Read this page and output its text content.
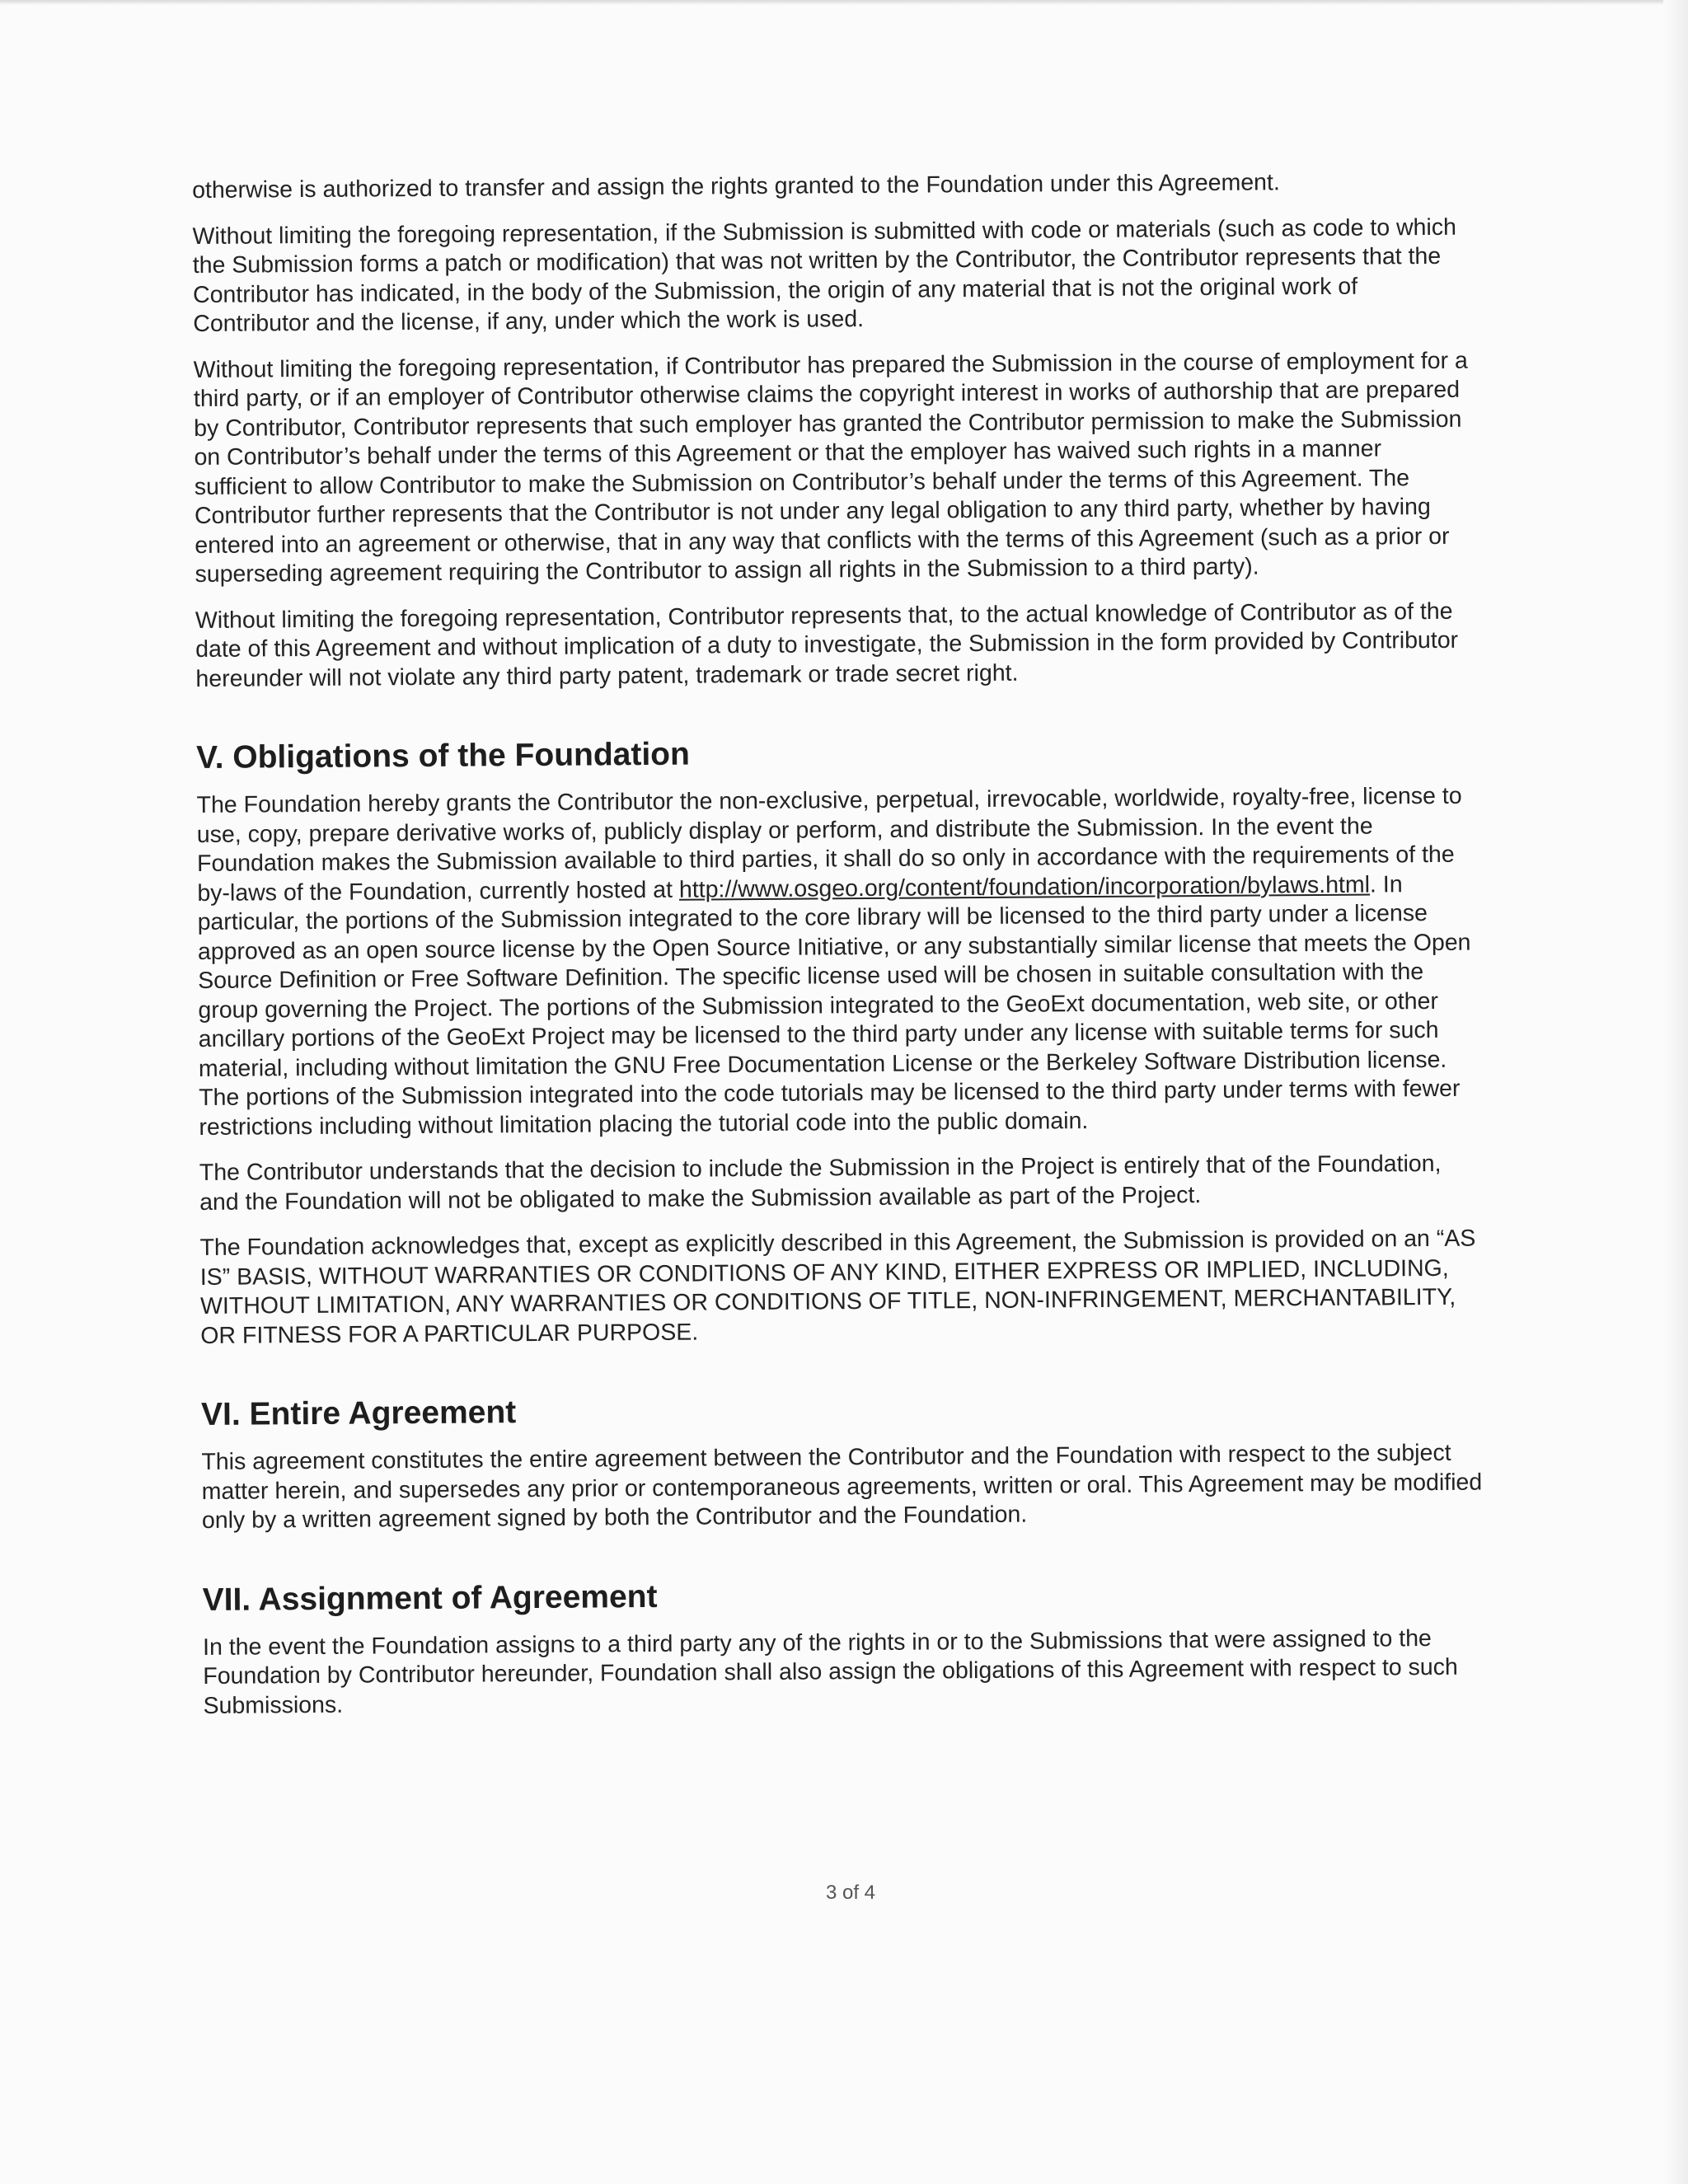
otherwise is authorized to transfer and assign the rights granted to the Foundation under this Agreement.

Without limiting the foregoing representation, if the Submission is submitted with code or materials (such as code to which the Submission forms a patch or modification) that was not written by the Contributor, the Contributor represents that the Contributor has indicated, in the body of the Submission, the origin of any material that is not the original work of Contributor and the license, if any, under which the work is used.

Without limiting the foregoing representation, if Contributor has prepared the Submission in the course of employment for a third party, or if an employer of Contributor otherwise claims the copyright interest in works of authorship that are prepared by Contributor, Contributor represents that such employer has granted the Contributor permission to make the Submission on Contributor’s behalf under the terms of this Agreement or that the employer has waived such rights in a manner sufficient to allow Contributor to make the Submission on Contributor’s behalf under the terms of this Agreement. The Contributor further represents that the Contributor is not under any legal obligation to any third party, whether by having entered into an agreement or otherwise, that in any way that conflicts with the terms of this Agreement (such as a prior or superseding agreement requiring the Contributor to assign all rights in the Submission to a third party).

Without limiting the foregoing representation, Contributor represents that, to the actual knowledge of Contributor as of the date of this Agreement and without implication of a duty to investigate, the Submission in the form provided by Contributor hereunder will not violate any third party patent, trademark or trade secret right.

V. Obligations of the Foundation

The Foundation hereby grants the Contributor the non-exclusive, perpetual, irrevocable, worldwide, royalty-free, license to use, copy, prepare derivative works of, publicly display or perform, and distribute the Submission. In the event the Foundation makes the Submission available to third parties, it shall do so only in accordance with the requirements of the by-laws of the Foundation, currently hosted at http://www.osgeo.org/content/foundation/incorporation/bylaws.html. In particular, the portions of the Submission integrated to the core library will be licensed to the third party under a license approved as an open source license by the Open Source Initiative, or any substantially similar license that meets the Open Source Definition or Free Software Definition. The specific license used will be chosen in suitable consultation with the group governing the Project. The portions of the Submission integrated to the GeoExt documentation, web site, or other ancillary portions of the GeoExt Project may be licensed to the third party under any license with suitable terms for such material, including without limitation the GNU Free Documentation License or the Berkeley Software Distribution license. The portions of the Submission integrated into the code tutorials may be licensed to the third party under terms with fewer restrictions including without limitation placing the tutorial code into the public domain.

The Contributor understands that the decision to include the Submission in the Project is entirely that of the Foundation, and the Foundation will not be obligated to make the Submission available as part of the Project.

The Foundation acknowledges that, except as explicitly described in this Agreement, the Submission is provided on an “AS IS” BASIS, WITHOUT WARRANTIES OR CONDITIONS OF ANY KIND, EITHER EXPRESS OR IMPLIED, INCLUDING, WITHOUT LIMITATION, ANY WARRANTIES OR CONDITIONS OF TITLE, NON-INFRINGEMENT, MERCHANTABILITY, OR FITNESS FOR A PARTICULAR PURPOSE.

VI. Entire Agreement

This agreement constitutes the entire agreement between the Contributor and the Foundation with respect to the subject matter herein, and supersedes any prior or contemporaneous agreements, written or oral. This Agreement may be modified only by a written agreement signed by both the Contributor and the Foundation.

VII. Assignment of Agreement

In the event the Foundation assigns to a third party any of the rights in or to the Submissions that were assigned to the Foundation by Contributor hereunder, Foundation shall also assign the obligations of this Agreement with respect to such Submissions.

3 of 4
